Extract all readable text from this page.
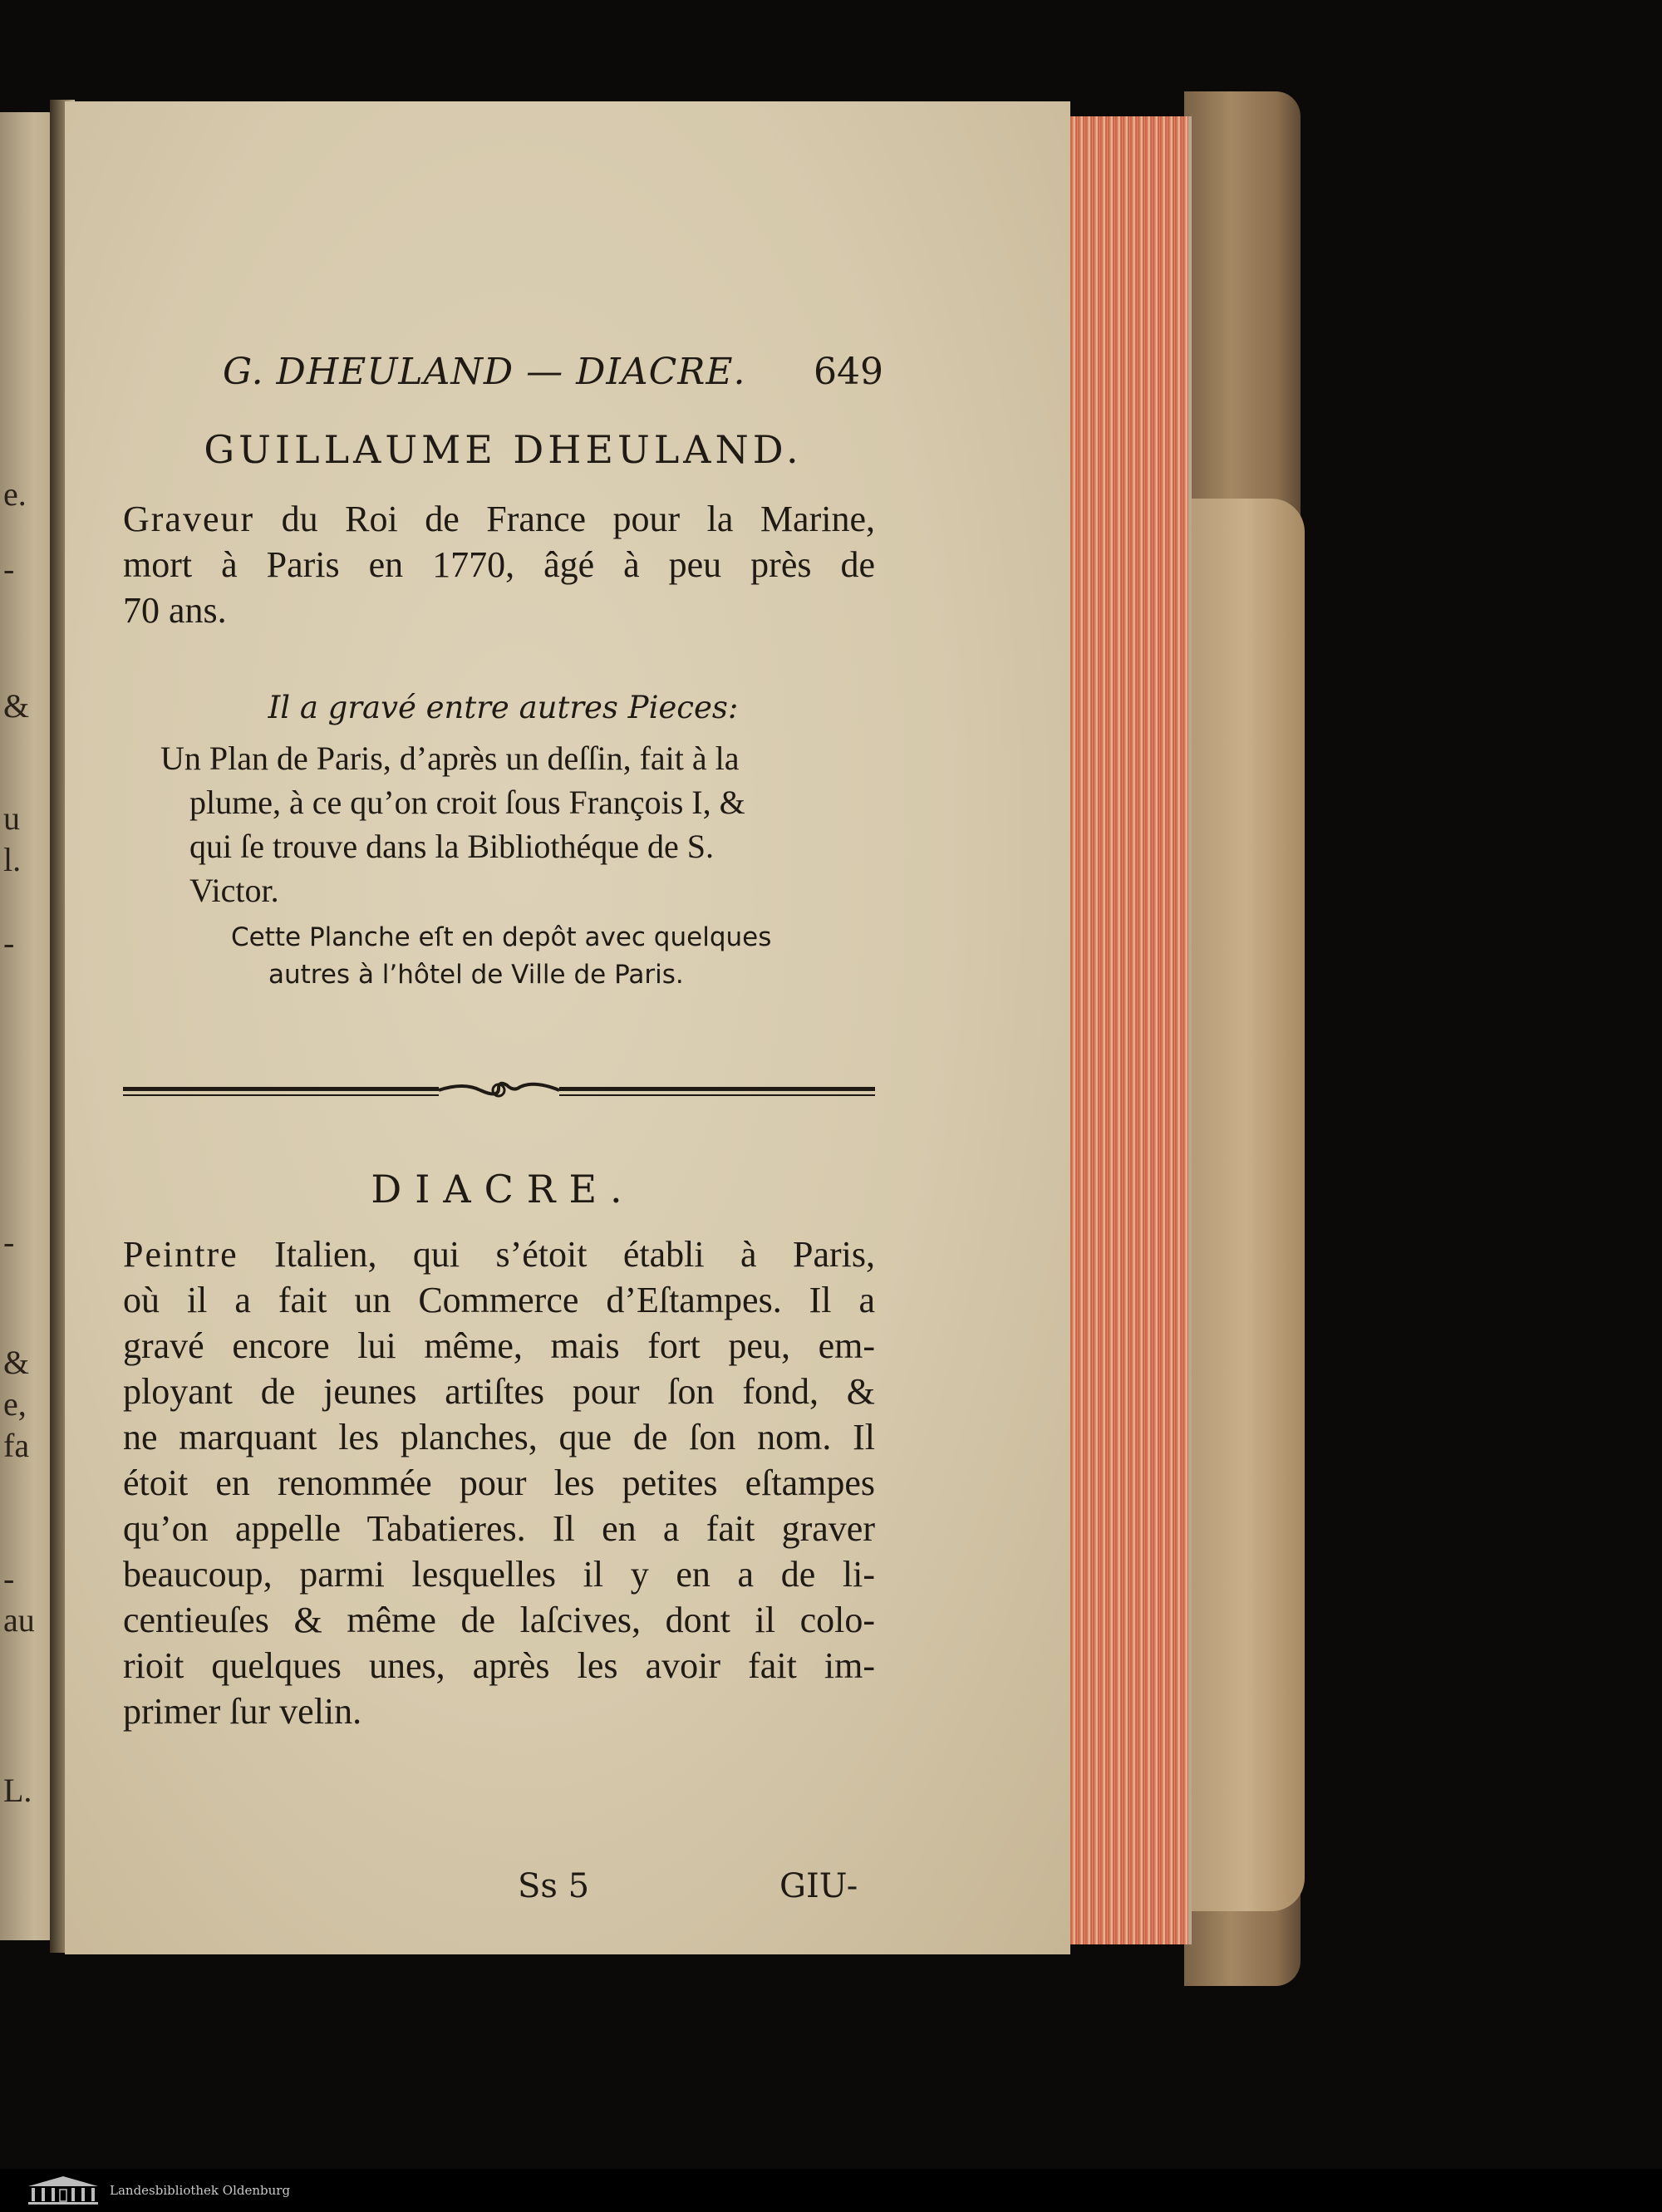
e.

-

&

u

l.

-

-

&

e,

fa

-

au

L.

G. DHEULAND — DIACRE. 649
GUILLAUME DHEULAND.
Graveur du Roi de France pour la Marine,
mort à Paris en 1770, âgé à peu près de
70 ans.

Il a gravé entre autres Pieces:

Un Plan de Paris, d’après un deſſin, fait à la
plume, à ce qu’on croit ſous François I, &
qui ſe trouve dans la Bibliothéque de S.
Victor.
Cette Planche eſt en depôt avec quelques
autres à l’hôtel de Ville de Paris.
DIACRE.
Peintre Italien, qui s’étoit établi à Paris,
où il a fait un Commerce d’Eſtampes. Il a
gravé encore lui même, mais fort peu, em-
ployant de jeunes artiſtes pour ſon fond, &
ne marquant les planches, que de ſon nom. Il
étoit en renommée pour les petites eſtampes
qu’on appelle Tabatieres. Il en a fait graver
beaucoup, parmi lesquelles il y en a de li-
centieuſes & même de laſcives, dont il colo-
rioit quelques unes, après les avoir fait im-
primer ſur velin.
Ss 5	GIU-
Landesbibliothek Oldenburg
